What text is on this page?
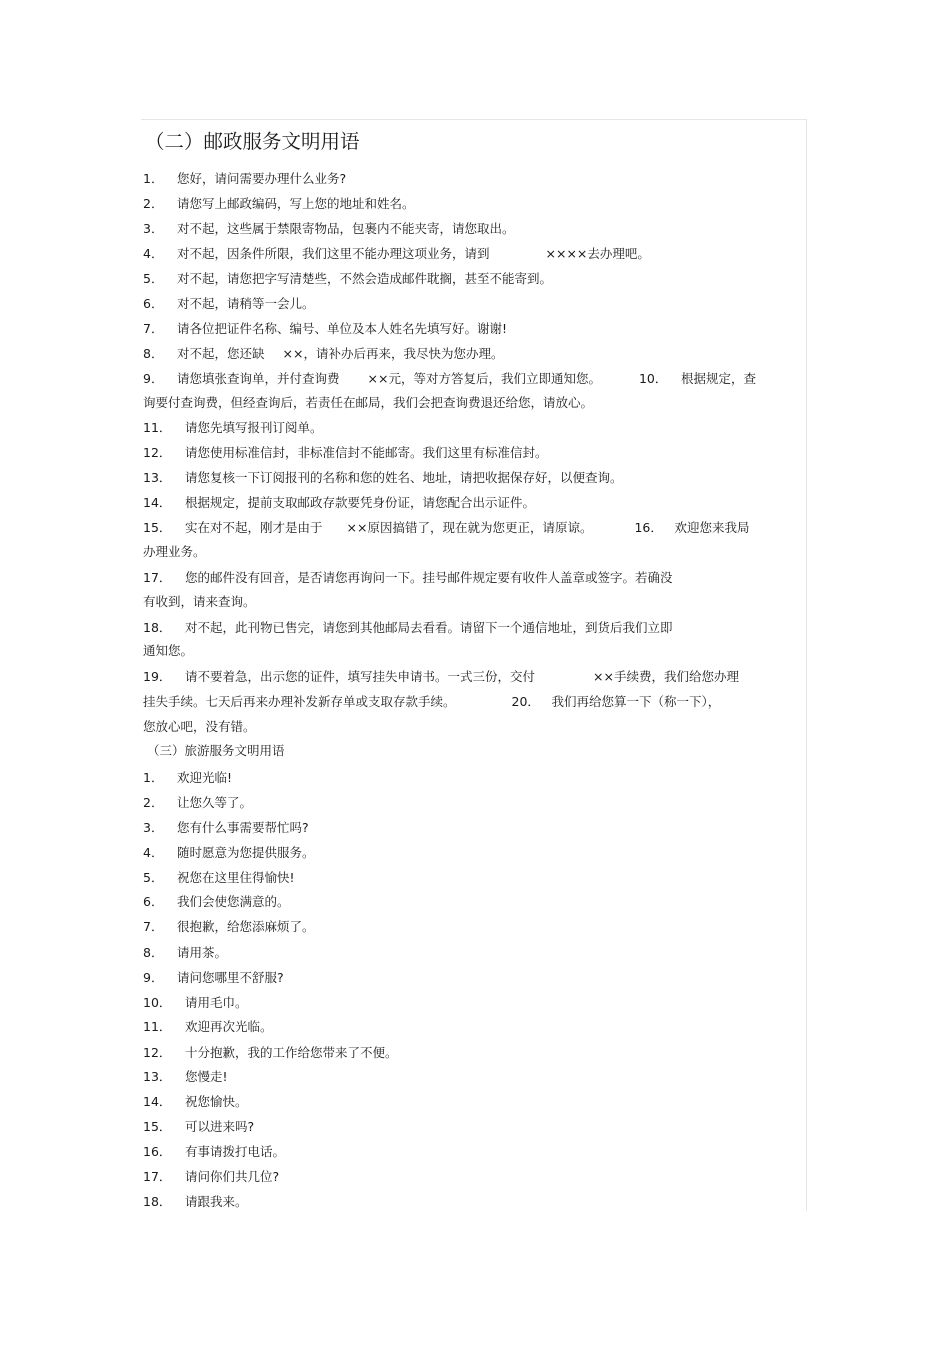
（二）邮政服务文明用语
1． 您好，请问需要办理什么业务?
2． 请您写上邮政编码，写上您的地址和姓名。
3． 对不起，这些属于禁限寄物品，包裹内不能夹寄，请您取出。
4． 对不起，因条件所限，我们这里不能办理这项业务，请到	××××去办理吧。
5． 对不起，请您把字写清楚些，不然会造成邮件耽搁，甚至不能寄到。
6． 对不起，请稍等一会儿。
7． 请各位把证件名称、编号、单位及本人姓名先填写好。谢谢!
8． 对不起，您还缺 ××，请补办后再来，我尽快为您办理。
9． 请您填张查询单，并付查询费 ××元，等对方答复后，我们立即通知您。	10． 根据规定，查
询要付查询费，但经查询后，若责任在邮局，我们会把查询费退还给您，请放心。
11． 请您先填写报刊订阅单。
12． 请您使用标准信封，非标准信封不能邮寄。我们这里有标准信封。
13． 请您复核一下订阅报刊的名称和您的姓名、地址，请把收据保存好，以便查询。
14． 根据规定，提前支取邮政存款要凭身份证，请您配合出示证件。
15． 实在对不起，刚才是由于 ××原因搞错了，现在就为您更正，请原谅。	16． 欢迎您来我局
办理业务。
17． 您的邮件没有回音，是否请您再询问一下。挂号邮件规定要有收件人盖章或签字。若确没
有收到，请来查询。
18． 对不起，此刊物已售完，请您到其他邮局去看看。请留下一个通信地址，到货后我们立即
通知您。
19． 请不要着急，出示您的证件，填写挂失申请书。一式三份，交付	××手续费，我们给您办理
挂失手续。七天后再来办理补发新存单或支取存款手续。	20． 我们再给您算一下（称一下），
您放心吧，没有错。
（三）旅游服务文明用语
1． 欢迎光临!
2． 让您久等了。
3． 您有什么事需要帮忙吗?
4． 随时愿意为您提供服务。
5． 祝您在这里住得愉快!
6． 我们会使您满意的。
7． 很抱歉，给您添麻烦了。
8． 请用茶。
9． 请问您哪里不舒服?
10． 请用毛巾。
11． 欢迎再次光临。
12． 十分抱歉，我的工作给您带来了不便。
13． 您慢走!
14． 祝您愉快。
15． 可以进来吗?
16． 有事请拨打电话。
17． 请问你们共几位?
18． 请跟我来。
